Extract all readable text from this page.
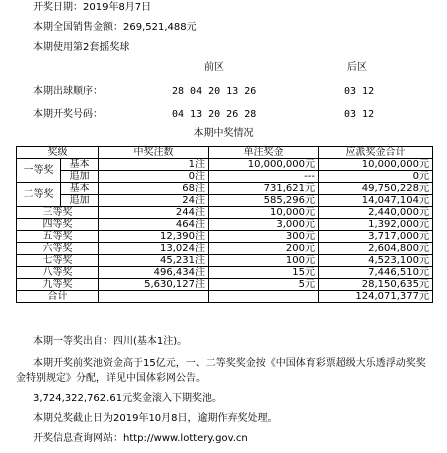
开奖日期：2019年8月7日
本期全国销售金额：269,521,488元
本期使用第2套摇奖球
前区	后区
本期出球顺序：	28 04 20 13 26	03 12
本期开奖号码：	04 13 20 26 28	03 12
本期中奖情况
奖级		中奖注数	单注奖金	应派奖金合计
一等奖	基本	1注	10,000,000元	10,000,000元
	追加	0注	---	0元
二等奖	基本	68注	731,621元	49,750,228元
	追加	24注	585,296元	14,047,104元
三等奖		244注	10,000元	2,440,000元
四等奖		464注	3,000元	1,392,000元
五等奖		12,390注	300元	3,717,000元
六等奖		13,024注	200元	2,604,800元
七等奖		45,231注	100元	4,523,100元
八等奖		496,434注	15元	7,446,510元
九等奖		5,630,127注	5元	28,150,635元
合计				124,071,377元
本期一等奖出自：四川(基本1注)。
本期开奖前奖池资金高于15亿元，一、二等奖奖金按《中国体育彩票超级大乐透浮动奖奖
金特别规定》分配，详见中国体彩网公告。
3,724,322,762.61元奖金滚入下期奖池。
本期兑奖截止日为2019年10月8日，逾期作弃奖处理。
开奖信息查询网站：http://www.lottery.gov.cn
